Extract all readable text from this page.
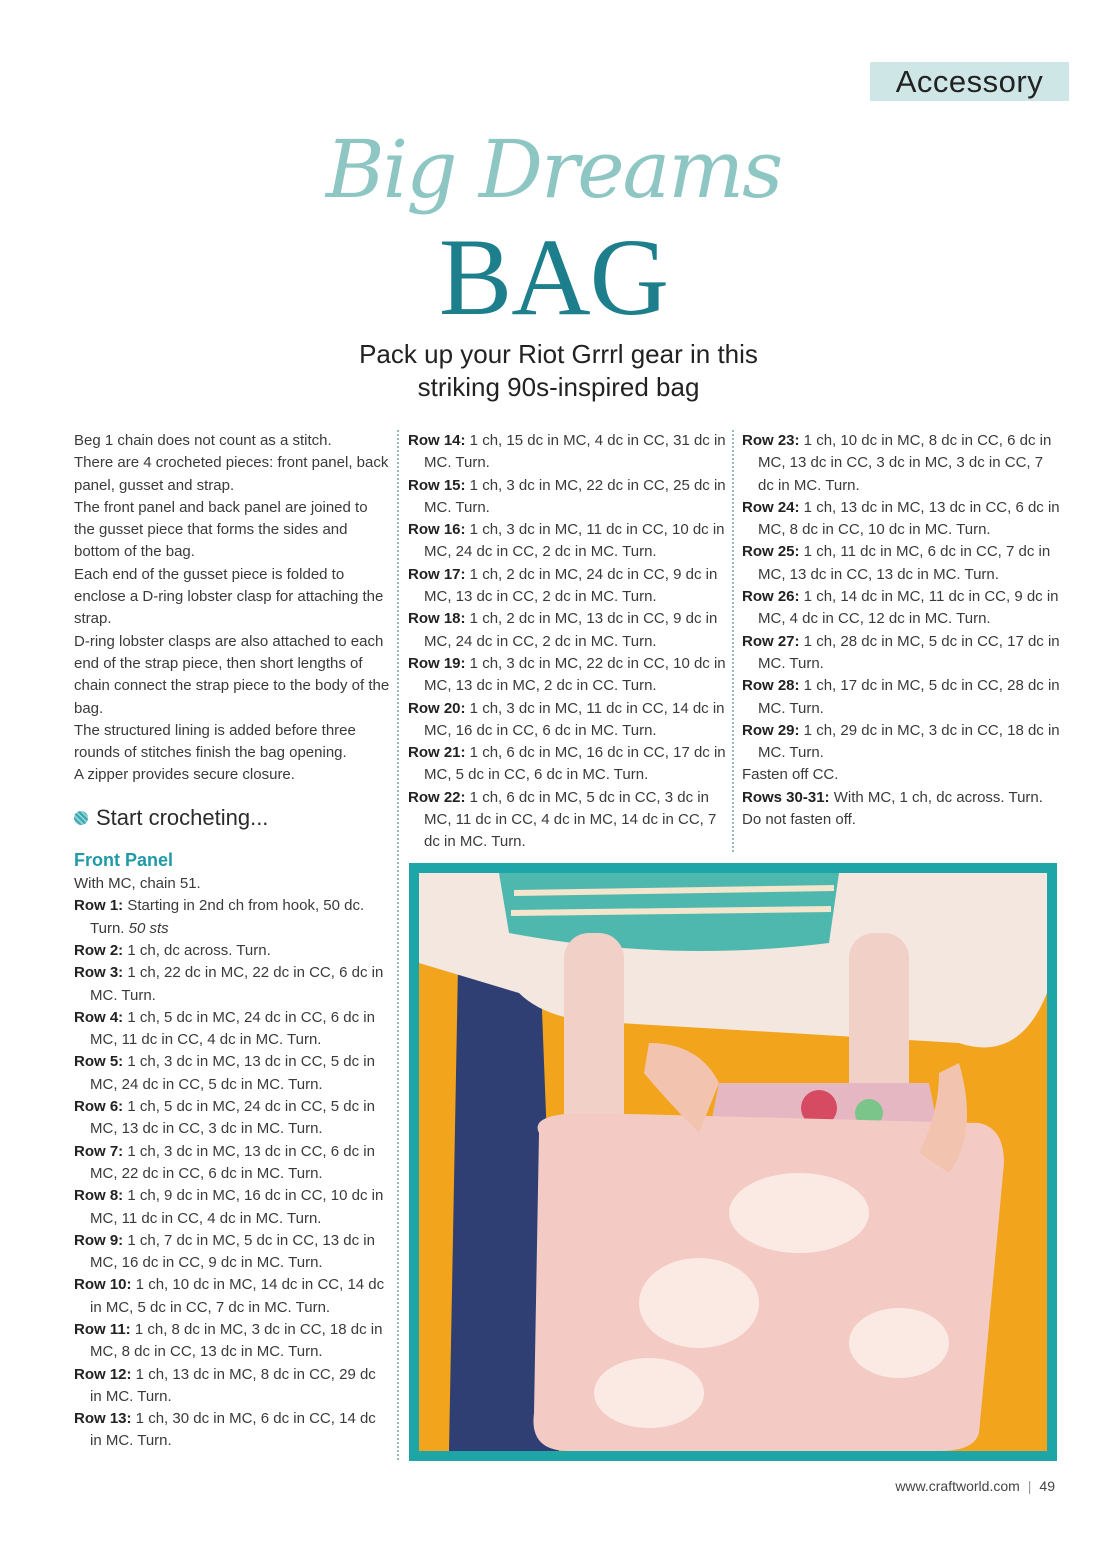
Accessory
Big Dreams
BAG
Pack up your Riot Grrrl gear in this
striking 90s-inspired bag

Beg 1 chain does not count as a stitch.

There are 4 crocheted pieces: front panel, back panel, gusset and strap.

The front panel and back panel are joined to the gusset piece that forms the sides and bottom of the bag.

Each end of the gusset piece is folded to enclose a D-ring lobster clasp for attaching the strap.

D-ring lobster clasps are also attached to each end of the strap piece, then short lengths of chain connect the strap piece to the body of the bag.

The structured lining is added before three rounds of stitches finish the bag opening.

A zipper provides secure closure.

Start crocheting...
Front Panel

With MC, chain 51.

Row 1: Starting in 2nd ch from hook, 50 dc. Turn. 50 sts

Row 2: 1 ch, dc across. Turn.

Row 3: 1 ch, 22 dc in MC, 22 dc in CC, 6 dc in MC. Turn.

Row 4: 1 ch, 5 dc in MC, 24 dc in CC, 6 dc in MC, 11 dc in CC, 4 dc in MC. Turn.

Row 5: 1 ch, 3 dc in MC, 13 dc in CC, 5 dc in MC, 24 dc in CC, 5 dc in MC. Turn.

Row 6: 1 ch, 5 dc in MC, 24 dc in CC, 5 dc in MC, 13 dc in CC, 3 dc in MC. Turn.

Row 7: 1 ch, 3 dc in MC, 13 dc in CC, 6 dc in MC, 22 dc in CC, 6 dc in MC. Turn.

Row 8: 1 ch, 9 dc in MC, 16 dc in CC, 10 dc in MC, 11 dc in CC, 4 dc in MC. Turn.

Row 9: 1 ch, 7 dc in MC, 5 dc in CC, 13 dc in MC, 16 dc in CC, 9 dc in MC. Turn.

Row 10: 1 ch, 10 dc in MC, 14 dc in CC, 14 dc in MC, 5 dc in CC, 7 dc in MC. Turn.

Row 11: 1 ch, 8 dc in MC, 3 dc in CC, 18 dc in MC, 8 dc in CC, 13 dc in MC. Turn.

Row 12: 1 ch, 13 dc in MC, 8 dc in CC, 29 dc in MC. Turn.

Row 13: 1 ch, 30 dc in MC, 6 dc in CC, 14 dc in MC. Turn.

Row 14: 1 ch, 15 dc in MC, 4 dc in CC, 31 dc in MC. Turn.

Row 15: 1 ch, 3 dc in MC, 22 dc in CC, 25 dc in MC. Turn.

Row 16: 1 ch, 3 dc in MC, 11 dc in CC, 10 dc in MC, 24 dc in CC, 2 dc in MC. Turn.

Row 17: 1 ch, 2 dc in MC, 24 dc in CC, 9 dc in MC, 13 dc in CC, 2 dc in MC. Turn.

Row 18: 1 ch, 2 dc in MC, 13 dc in CC, 9 dc in MC, 24 dc in CC, 2 dc in MC. Turn.

Row 19: 1 ch, 3 dc in MC, 22 dc in CC, 10 dc in MC, 13 dc in MC, 2 dc in CC. Turn.

Row 20: 1 ch, 3 dc in MC, 11 dc in CC, 14 dc in MC, 16 dc in CC, 6 dc in MC. Turn.

Row 21: 1 ch, 6 dc in MC, 16 dc in CC, 17 dc in MC, 5 dc in CC, 6 dc in MC. Turn.

Row 22: 1 ch, 6 dc in MC, 5 dc in CC, 3 dc in MC, 11 dc in CC, 4 dc in MC, 14 dc in CC, 7 dc in MC. Turn.

Row 23: 1 ch, 10 dc in MC, 8 dc in CC, 6 dc in MC, 13 dc in CC, 3 dc in MC, 3 dc in CC, 7 dc in MC. Turn.

Row 24: 1 ch, 13 dc in MC, 13 dc in CC, 6 dc in MC, 8 dc in CC, 10 dc in MC. Turn.

Row 25: 1 ch, 11 dc in MC, 6 dc in CC, 7 dc in MC, 13 dc in CC, 13 dc in MC. Turn.

Row 26: 1 ch, 14 dc in MC, 11 dc in CC, 9 dc in MC, 4 dc in CC, 12 dc in MC. Turn.

Row 27: 1 ch, 28 dc in MC, 5 dc in CC, 17 dc in MC. Turn.

Row 28: 1 ch, 17 dc in MC, 5 dc in CC, 28 dc in MC. Turn.

Row 29: 1 ch, 29 dc in MC, 3 dc in CC, 18 dc in MC. Turn.

Fasten off CC.

Rows 30-31: With MC, 1 ch, dc across. Turn.

Do not fasten off.

www.craftworld.com | 49
